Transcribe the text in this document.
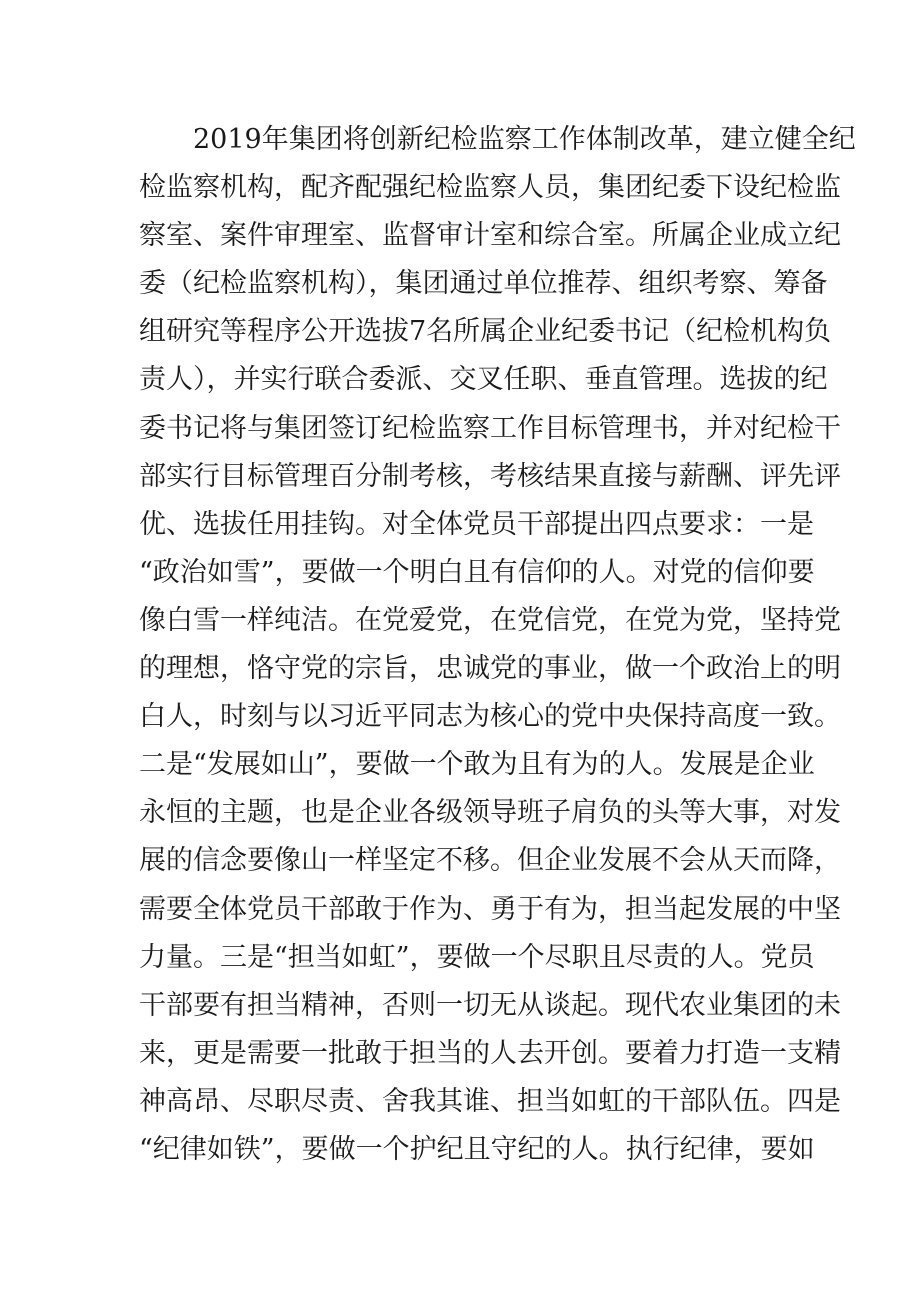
2019年集团将创新纪检监察工作体制改革，建立健全纪
检监察机构，配齐配强纪检监察人员，集团纪委下设纪检监
察室、案件审理室、监督审计室和综合室。所属企业成立纪
委（纪检监察机构），集团通过单位推荐、组织考察、筹备
组研究等程序公开选拔7名所属企业纪委书记（纪检机构负
责人），并实行联合委派、交叉任职、垂直管理。选拔的纪
委书记将与集团签订纪检监察工作目标管理书，并对纪检干
部实行目标管理百分制考核，考核结果直接与薪酬、评先评
优、选拔任用挂钩。对全体党员干部提出四点要求：一是
“政治如雪”，要做一个明白且有信仰的人。对党的信仰要
像白雪一样纯洁。在党爱党，在党信党，在党为党，坚持党
的理想，恪守党的宗旨，忠诚党的事业，做一个政治上的明
白人，时刻与以习近平同志为核心的党中央保持高度一致。
二是“发展如山”，要做一个敢为且有为的人。发展是企业
永恒的主题，也是企业各级领导班子肩负的头等大事，对发
展的信念要像山一样坚定不移。但企业发展不会从天而降，
需要全体党员干部敢于作为、勇于有为，担当起发展的中坚
力量。三是“担当如虹”，要做一个尽职且尽责的人。党员
干部要有担当精神，否则一切无从谈起。现代农业集团的未
来，更是需要一批敢于担当的人去开创。要着力打造一支精
神高昂、尽职尽责、舍我其谁、担当如虹的干部队伍。四是
“纪律如铁”，要做一个护纪且守纪的人。执行纪律，要如
